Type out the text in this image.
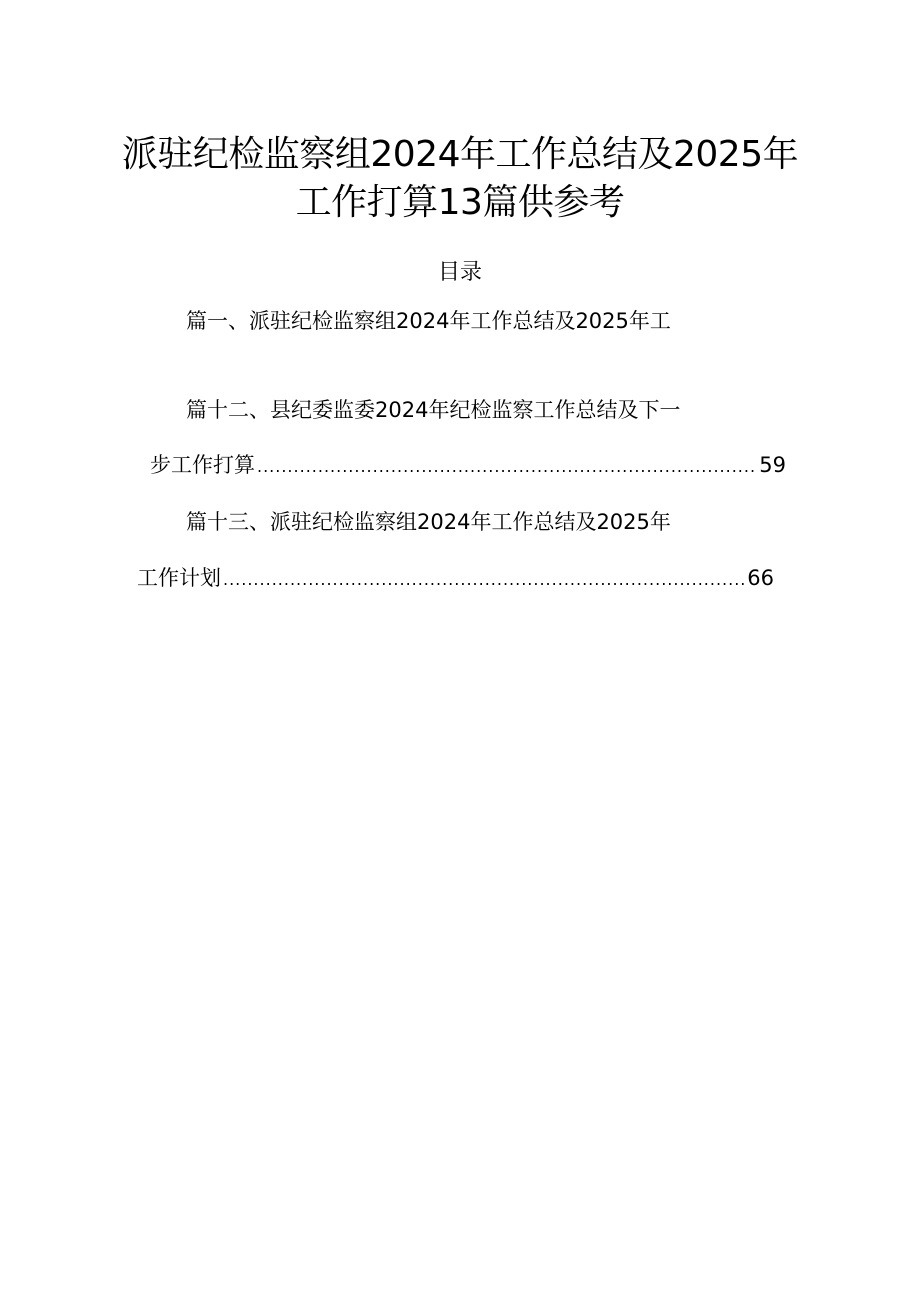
派驻纪检监察组2024年工作总结及2025年
工作打算13篇供参考
目录
篇一、派驻纪检监察组2024年工作总结及2025年工
篇十二、县纪委监委2024年纪检监察工作总结及下一
步工作打算 .....	59
篇十三、派驻纪检监察组2024年工作总结及2025年
工作计划 .....	66
